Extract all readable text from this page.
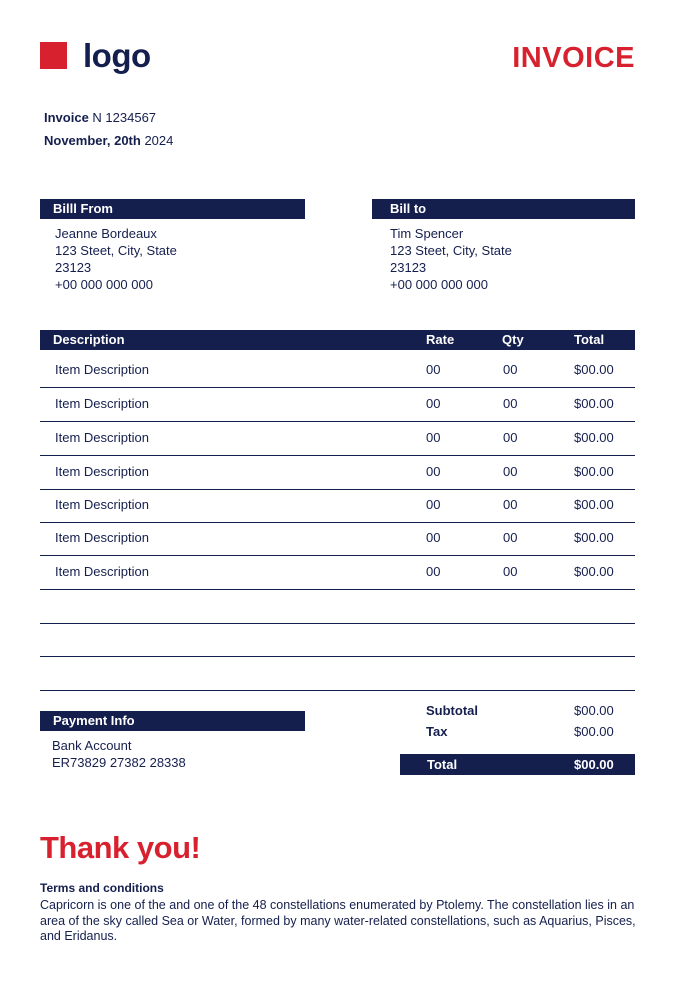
logo	INVOICE
Invoice N 1234567
November, 20th 2024
Billl From
Jeanne Bordeaux
123 Steet, City, State
23123
+00 000 000 000
Bill to
Tim Spencer
123 Steet, City, State
23123
+00 000 000 000
Description	Rate	Qty	Total
Item Description	00	00	$00.00
Item Description	00	00	$00.00
Item Description	00	00	$00.00
Item Description	00	00	$00.00
Item Description	00	00	$00.00
Item Description	00	00	$00.00
Item Description	00	00	$00.00
Payment Info
Bank Account
ER73829 27382 28338
Subtotal	$00.00
Tax	$00.00
Total	$00.00
Thank you!
Terms and conditions
Capricorn is one of the and one of the 48 constellations enumerated by Ptolemy. The constellation lies in an area of the sky called Sea or Water, formed by many water-related constellations, such as Aquarius, Pisces, and Eridanus.
